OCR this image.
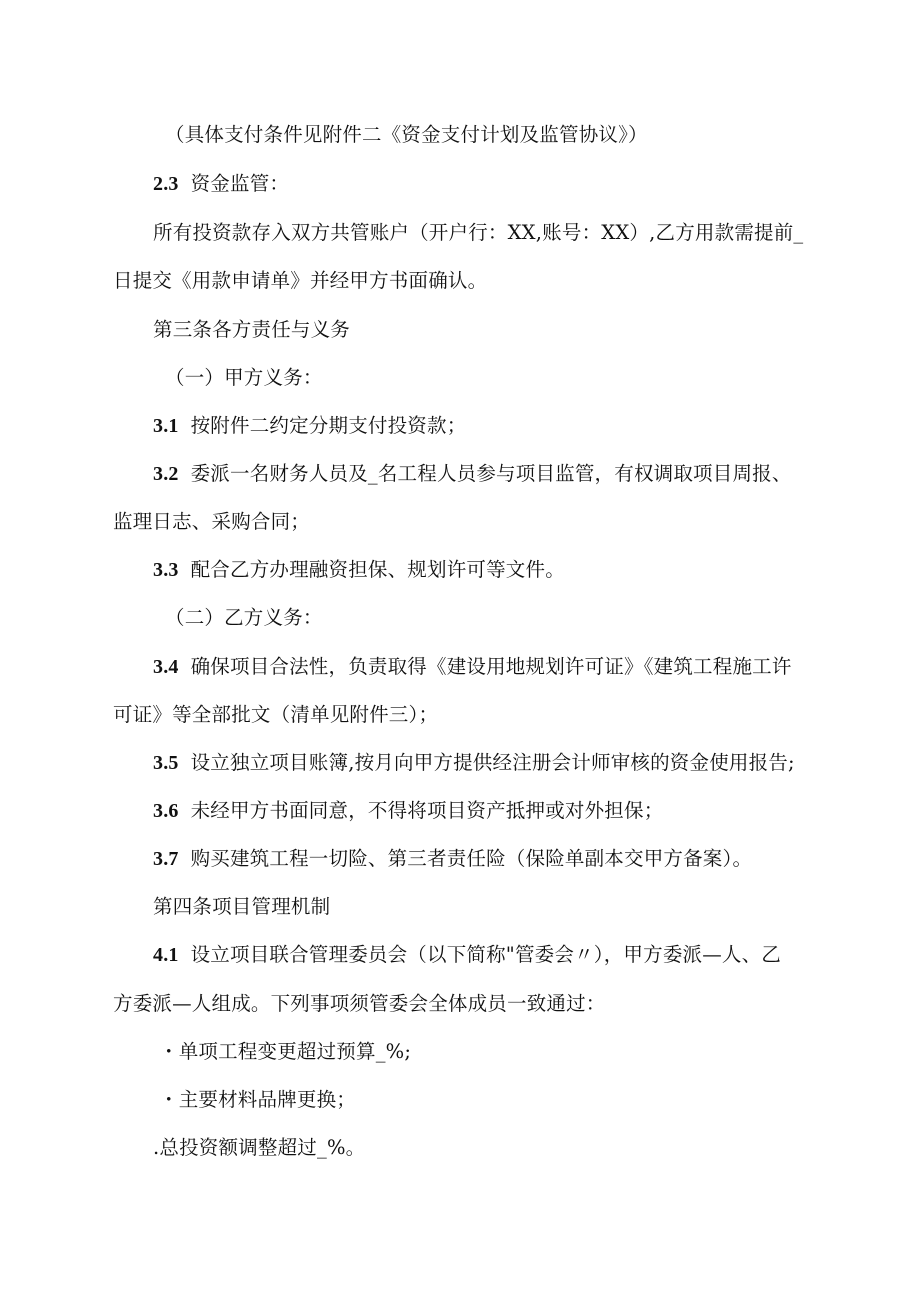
（具体支付条件见附件二《资金支付计划及监管协议》）
2.3 资金监管：
所有投资款存入双方共管账户（开户行：XX,账号：XX）,乙方用款需提前_
日提交《用款申请单》并经甲方书面确认。
第三条各方责任与义务
（一）甲方义务：
3.1 按附件二约定分期支付投资款；
3.2 委派一名财务人员及_名工程人员参与项目监管，有权调取项目周报、
监理日志、采购合同；
3.3 配合乙方办理融资担保、规划许可等文件。
（二）乙方义务：
3.4 确保项目合法性，负责取得《建设用地规划许可证》《建筑工程施工许
可证》等全部批文（清单见附件三）；
3.5 设立独立项目账簿,按月向甲方提供经注册会计师审核的资金使用报告;
3.6 未经甲方书面同意，不得将项目资产抵押或对外担保；
3.7 购买建筑工程一切险、第三者责任险（保险单副本交甲方备案）。
第四条项目管理机制
4.1 设立项目联合管理委员会（以下简称"管委会〃），甲方委派—人、乙
方委派—人组成。下列事项须管委会全体成员一致通过：
・单项工程变更超过预算_%;
・主要材料品牌更换；
.总投资额调整超过_%。
